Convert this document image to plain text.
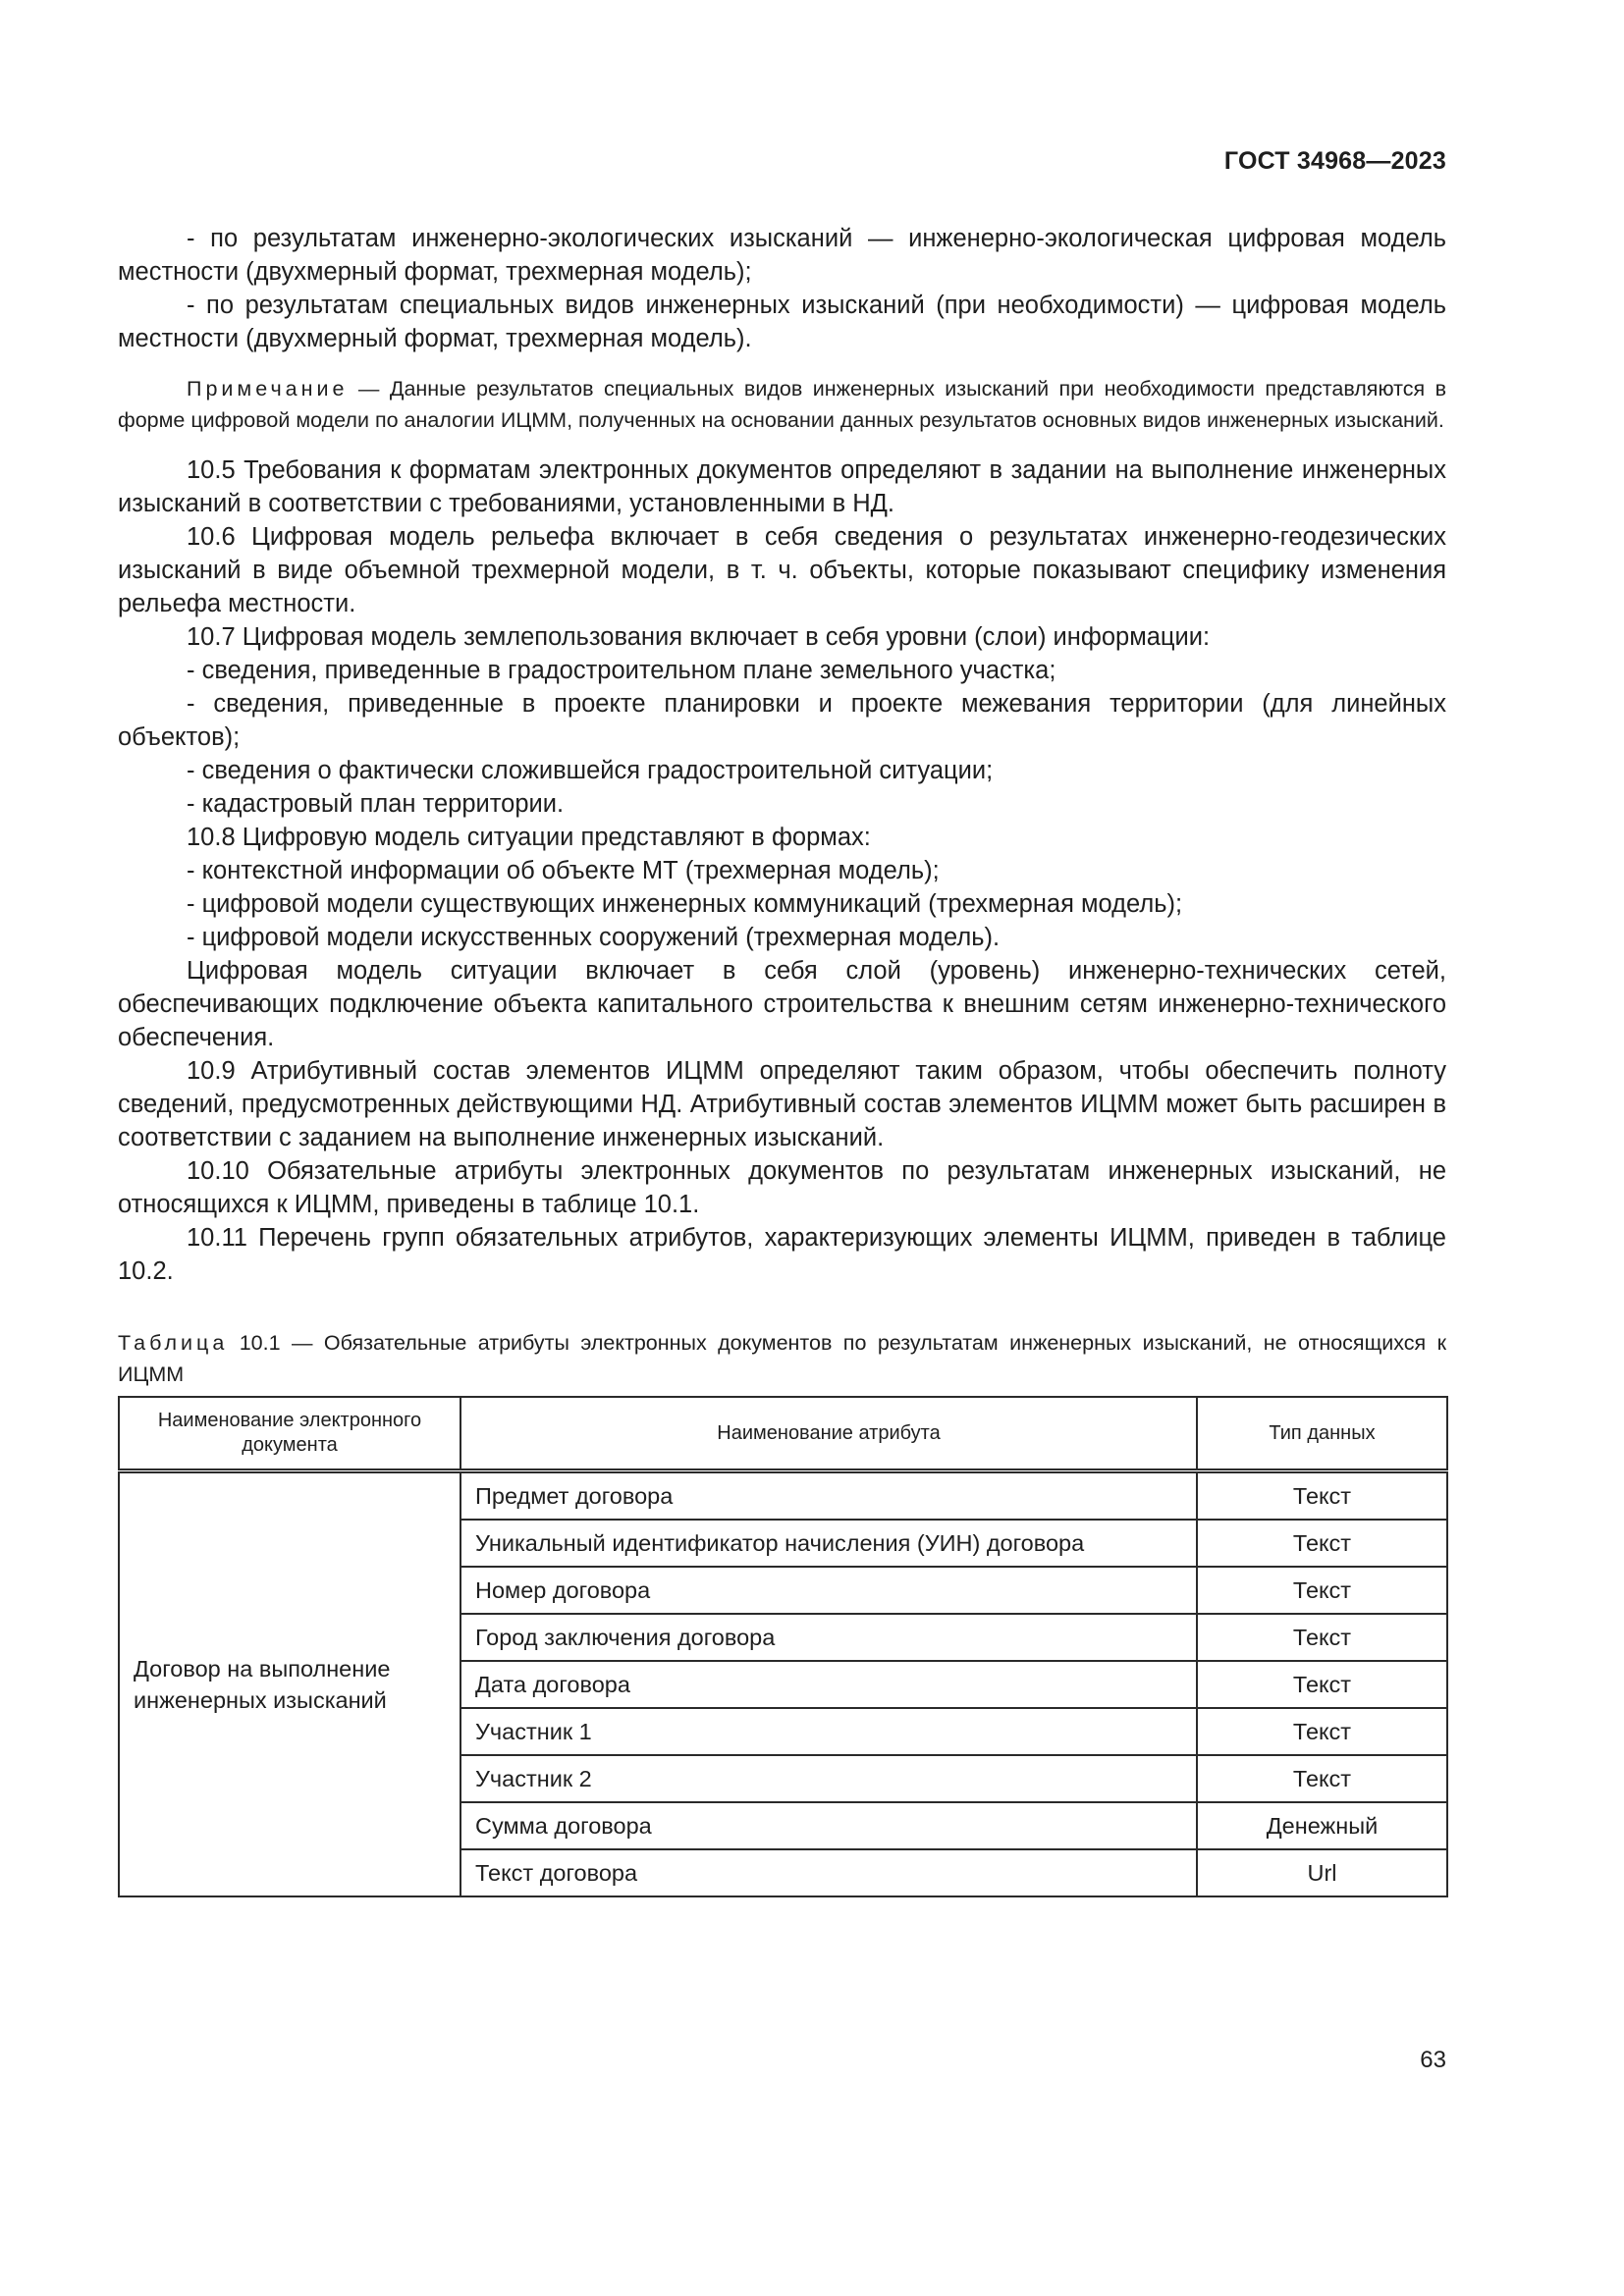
ГОСТ 34968—2023

- по результатам инженерно-экологических изысканий — инженерно-экологическая цифровая модель местности (двухмерный формат, трехмерная модель);

- по результатам специальных видов инженерных изысканий (при необходимости) — цифровая модель местности (двухмерный формат, трехмерная модель).

Примечание — Данные результатов специальных видов инженерных изысканий при необходимости представляются в форме цифровой модели по аналогии ИЦММ, полученных на основании данных результатов основных видов инженерных изысканий.

10.5 Требования к форматам электронных документов определяют в задании на выполнение инженерных изысканий в соответствии с требованиями, установленными в НД.

10.6 Цифровая модель рельефа включает в себя сведения о результатах инженерно-геодезических изысканий в виде объемной трехмерной модели, в т. ч. объекты, которые показывают специфику изменения рельефа местности.

10.7 Цифровая модель землепользования включает в себя уровни (слои) информации:

- сведения, приведенные в градостроительном плане земельного участка;

- сведения, приведенные в проекте планировки и проекте межевания территории (для линейных объектов);

- сведения о фактически сложившейся градостроительной ситуации;

- кадастровый план территории.

10.8 Цифровую модель ситуации представляют в формах:

- контекстной информации об объекте МТ (трехмерная модель);

- цифровой модели существующих инженерных коммуникаций (трехмерная модель);

- цифровой модели искусственных сооружений (трехмерная модель).

Цифровая модель ситуации включает в себя слой (уровень) инженерно-технических сетей, обеспечивающих подключение объекта капитального строительства к внешним сетям инженерно-технического обеспечения.

10.9 Атрибутивный состав элементов ИЦММ определяют таким образом, чтобы обеспечить полноту сведений, предусмотренных действующими НД. Атрибутивный состав элементов ИЦММ может быть расширен в соответствии с заданием на выполнение инженерных изысканий.

10.10 Обязательные атрибуты электронных документов по результатам инженерных изысканий, не относящихся к ИЦММ, приведены в таблице 10.1.

10.11 Перечень групп обязательных атрибутов, характеризующих элементы ИЦММ, приведен в таблице 10.2.

Таблица 10.1 — Обязательные атрибуты электронных документов по результатам инженерных изысканий, не относящихся к ИЦММ

Наименование электронного документа	Наименование атрибута	Тип данных
Договор на выполнение инженерных изысканий	Предмет договора	Текст
	Уникальный идентификатор начисления (УИН) договора	Текст
	Номер договора	Текст
	Город заключения договора	Текст
	Дата договора	Текст
	Участник 1	Текст
	Участник 2	Текст
	Сумма договора	Денежный
	Текст договора	Url
63
